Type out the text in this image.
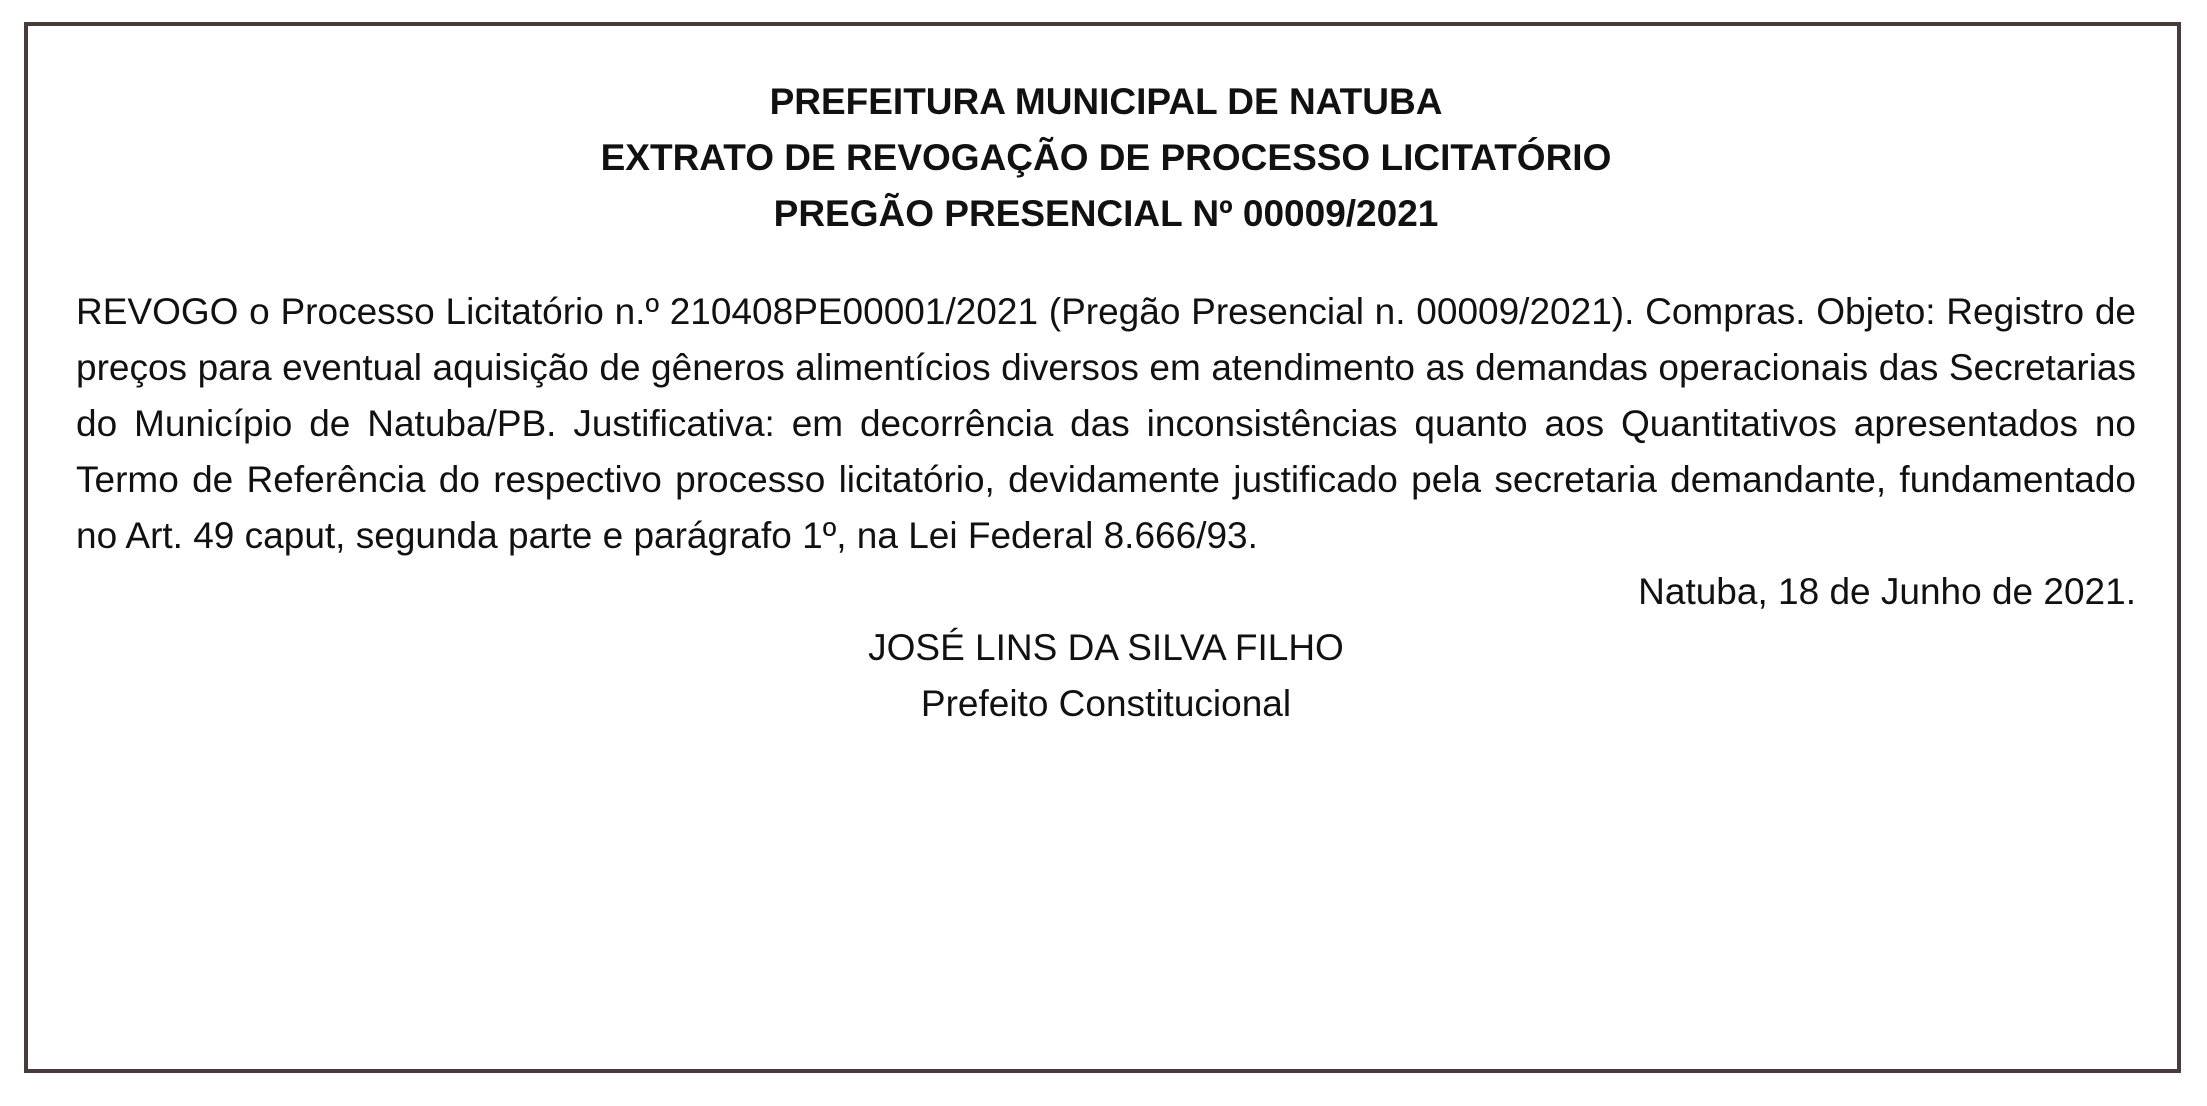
PREFEITURA MUNICIPAL DE NATUBA
EXTRATO DE REVOGAÇÃO DE PROCESSO LICITATÓRIO
PREGÃO PRESENCIAL Nº 00009/2021
REVOGO o Processo Licitatório n.º 210408PE00001/2021 (Pregão Presencial n. 00009/2021). Compras. Objeto: Registro de preços para eventual aquisição de gêneros alimentícios diversos em atendimento as demandas operacionais das Secretarias do Município de Natuba/PB. Justificativa: em decorrência das inconsistências quanto aos Quantitativos apresentados no Termo de Referência do respectivo processo licitatório, devidamente justificado pela secretaria demandante, fundamentado no Art. 49 caput, segunda parte e parágrafo 1º, na Lei Federal 8.666/93.
Natuba, 18 de Junho de 2021.
JOSÉ LINS DA SILVA FILHO
Prefeito Constitucional
